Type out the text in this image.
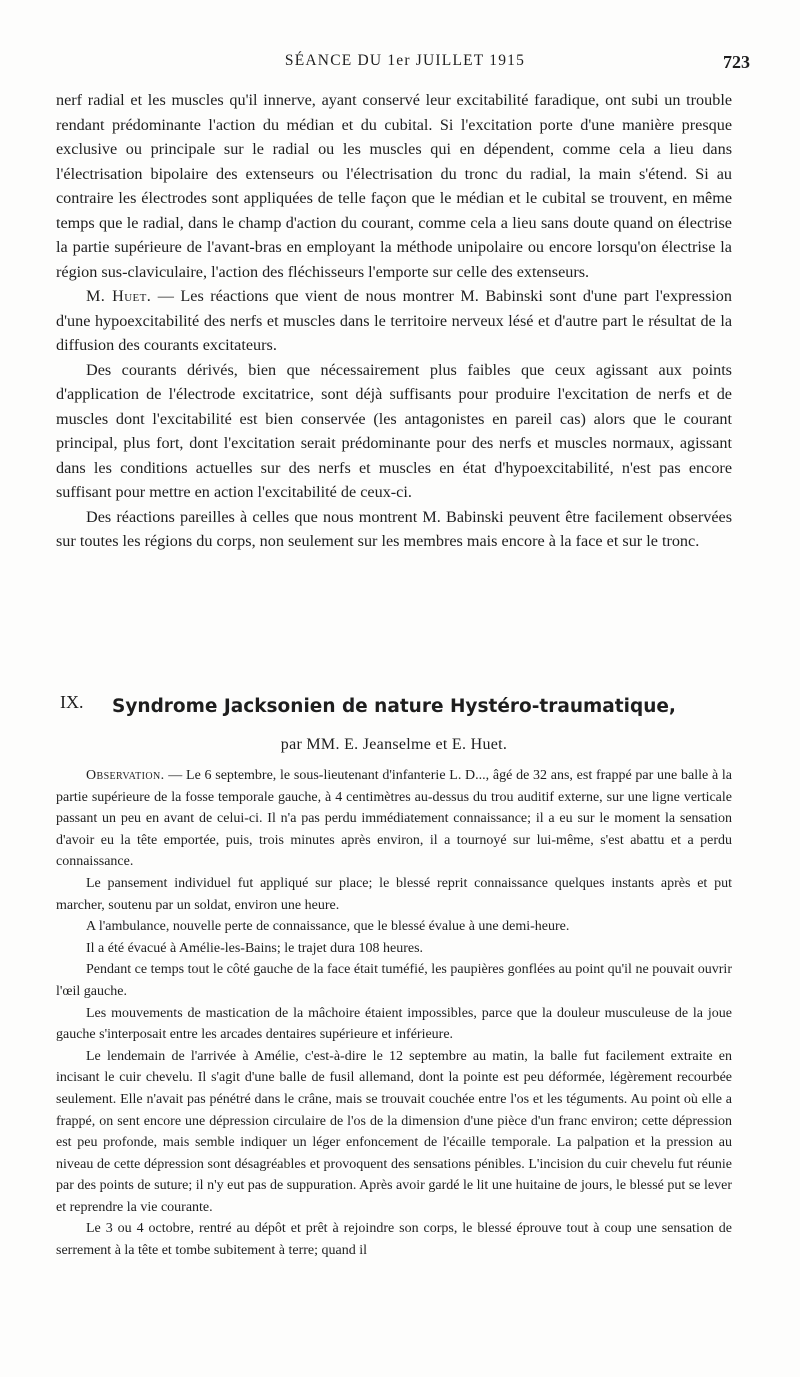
SÉANCE DU 1er JUILLET 1915	723

nerf radial et les muscles qu'il innerve, ayant conservé leur excitabilité faradique, ont subi un trouble rendant prédominante l'action du médian et du cubital. Si l'excitation porte d'une manière presque exclusive ou principale sur le radial ou les muscles qui en dépendent, comme cela a lieu dans l'électrisation bipolaire des extenseurs ou l'électrisation du tronc du radial, la main s'étend. Si au contraire les électrodes sont appliquées de telle façon que le médian et le cubital se trouvent, en même temps que le radial, dans le champ d'action du courant, comme cela a lieu sans doute quand on électrise la partie supérieure de l'avant-bras en employant la méthode unipolaire ou encore lorsqu'on électrise la région sus-claviculaire, l'action des fléchisseurs l'emporte sur celle des extenseurs.

M. Huet. — Les réactions que vient de nous montrer M. Babinski sont d'une part l'expression d'une hypoexcitabilité des nerfs et muscles dans le territoire nerveux lésé et d'autre part le résultat de la diffusion des courants excitateurs.

Des courants dérivés, bien que nécessairement plus faibles que ceux agissant aux points d'application de l'électrode excitatrice, sont déjà suffisants pour produire l'excitation de nerfs et de muscles dont l'excitabilité est bien conservée (les antagonistes en pareil cas) alors que le courant principal, plus fort, dont l'excitation serait prédominante pour des nerfs et muscles normaux, agissant dans les conditions actuelles sur des nerfs et muscles en état d'hypoexcitabilité, n'est pas encore suffisant pour mettre en action l'excitabilité de ceux-ci.

Des réactions pareilles à celles que nous montrent M. Babinski peuvent être facilement observées sur toutes les régions du corps, non seulement sur les membres mais encore à la face et sur le tronc.

IX. Syndrome Jacksonien de nature Hystéro-traumatique,
par MM. E. Jeanselme et E. Huet.

Observation. — Le 6 septembre, le sous-lieutenant d'infanterie L. D..., âgé de 32 ans, est frappé par une balle à la partie supérieure de la fosse temporale gauche, à 4 centimètres au-dessus du trou auditif externe, sur une ligne verticale passant un peu en avant de celui-ci. Il n'a pas perdu immédiatement connaissance; il a eu sur le moment la sensation d'avoir eu la tête emportée, puis, trois minutes après environ, il a tournoyé sur lui-même, s'est abattu et a perdu connaissance.

Le pansement individuel fut appliqué sur place; le blessé reprit connaissance quelques instants après et put marcher, soutenu par un soldat, environ une heure.

A l'ambulance, nouvelle perte de connaissance, que le blessé évalue à une demi-heure.

Il a été évacué à Amélie-les-Bains; le trajet dura 108 heures.

Pendant ce temps tout le côté gauche de la face était tuméfié, les paupières gonflées au point qu'il ne pouvait ouvrir l'œil gauche.

Les mouvements de mastication de la mâchoire étaient impossibles, parce que la douleur musculeuse de la joue gauche s'interposait entre les arcades dentaires supérieure et inférieure.

Le lendemain de l'arrivée à Amélie, c'est-à-dire le 12 septembre au matin, la balle fut facilement extraite en incisant le cuir chevelu. Il s'agit d'une balle de fusil allemand, dont la pointe est peu déformée, légèrement recourbée seulement. Elle n'avait pas pénétré dans le crâne, mais se trouvait couchée entre l'os et les téguments. Au point où elle a frappé, on sent encore une dépression circulaire de l'os de la dimension d'une pièce d'un franc environ; cette dépression est peu profonde, mais semble indiquer un léger enfoncement de l'écaille temporale. La palpation et la pression au niveau de cette dépression sont désagréables et provoquent des sensations pénibles. L'incision du cuir chevelu fut réunie par des points de suture; il n'y eut pas de suppuration. Après avoir gardé le lit une huitaine de jours, le blessé put se lever et reprendre la vie courante.

Le 3 ou 4 octobre, rentré au dépôt et prêt à rejoindre son corps, le blessé éprouve tout à coup une sensation de serrement à la tête et tombe subitement à terre; quand il
